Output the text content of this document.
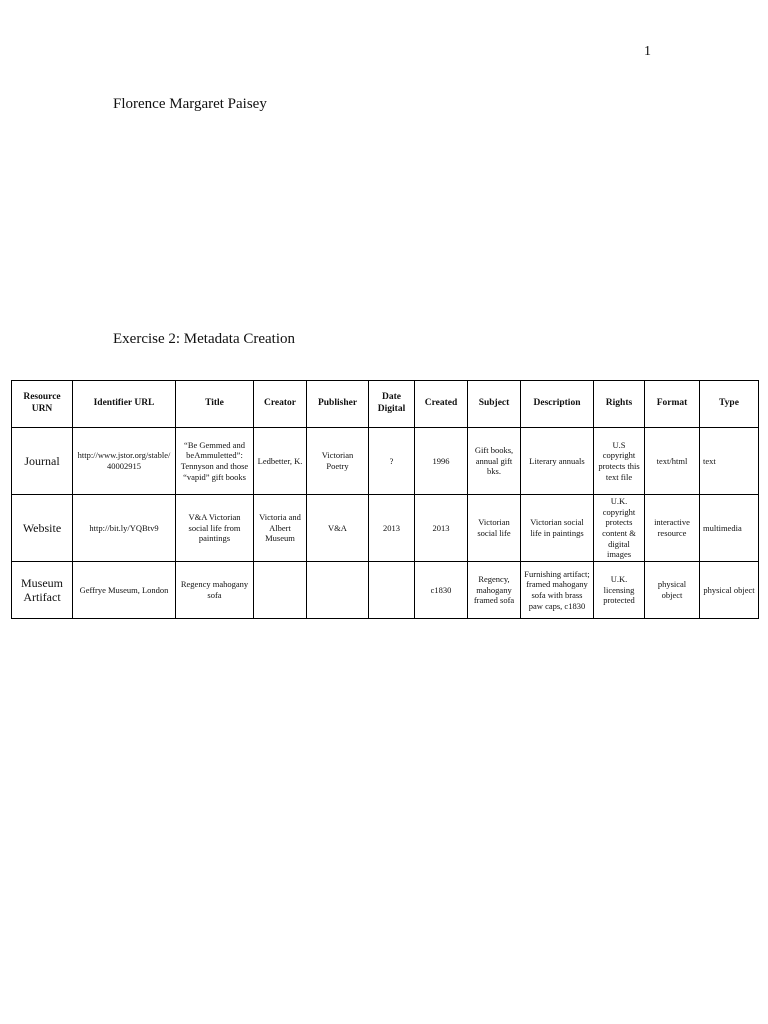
1
Florence Margaret Paisey
Exercise 2: Metadata Creation
Resource URN	Identifier URL	Title	Creator	Publisher	Date Digital	Created	Subject	Description	Rights	Format	Type
Journal	http://www.jstor.org/stable/40002915	“Be Gemmed and beAmmuletted”: Tennyson and those “vapid” gift books	Ledbetter, K.	Victorian Poetry	?	1996	Gift books, annual gift bks.	Literary annuals	U.S copyright protects this text file	text/html	text
Website	http://bit.ly/YQBtv9	V&A Victorian social life from paintings	Victoria and Albert Museum	V&A	2013	2013	Victorian social life	Victorian social life in paintings	U.K. copyright protects content & digital images	interactive resource	multimedia
Museum Artifact	Geffrye Museum, London	Regency mahogany sofa				c1830	Regency, mahogany framed sofa	Furnishing artifact; framed mahogany sofa with brass paw caps, c1830	U.K. licensing protected	physical object	physical object
